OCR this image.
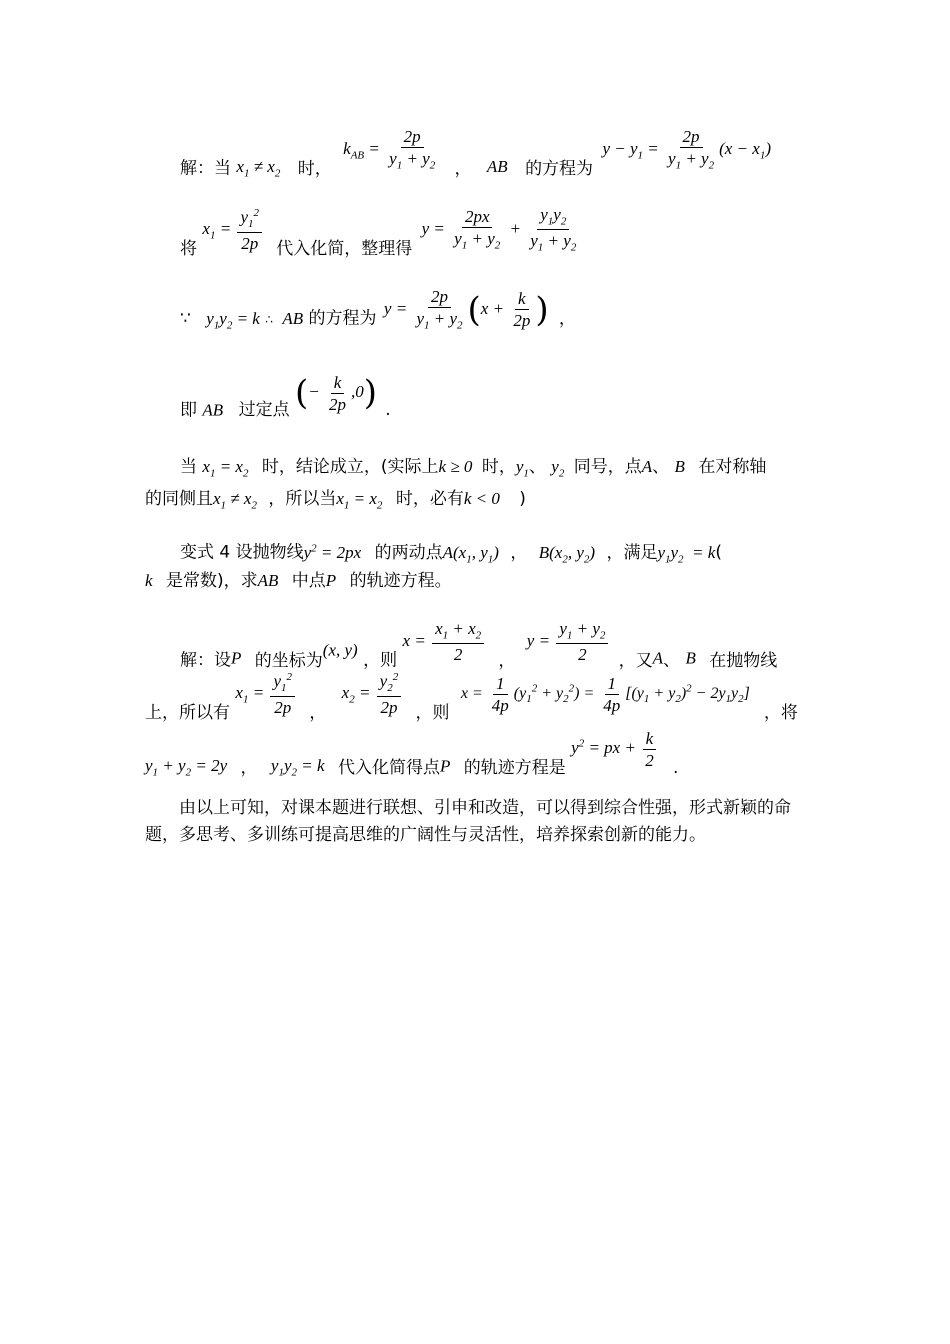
解：当 $x_1 \ne x_2$ 时， $k_{AB} = \frac{2p}{y_1 + y_2}$ ， AB 的方程为 $y - y_1 = \frac{2p}{y_1 + y_2} (x - x_1)$
将 $x_1 = \frac{y_1^2}{2p}$ 代入化简，整理得 $y = \frac{2px}{y_1 + y_2} + \frac{y_1y_2}{y_1 + y_2}$
∵ $y_1y_2 = k$ $_\therefore$ AB 的方程为 $y = \frac{2p}{y_1 + y_2} (x + \frac{k}{2p}$ ) ，
即 AB 过定点 (− $\frac{k}{2p} ,0$) .
当 $x_1 = x_2$ 时，结论成立，(实际上k ≥ 0 时，$y_1$、 $y_2$ 同号，点A、 B 在对称轴
的同侧且$x_1 \ne x_2$ ，所以当$x_1 = x_2$ 时，必有k < 0 )
变式 4 设抛物线$y^2 = 2px$ 的两动点$A(x_1$, $y_1$) ， $B(x_2$, $y_2$) ，满足$y_1y_2 = k$(
k 是常数)，求AB 中点P 的轨迹方程。
解：设P 的坐标为(x, y) ，则 $x = \frac{x_1 + x_2}{2}$ ， $y = \frac{y_1 + y_2}{2}$ ，又A、 B 在抛物线
上，所以有 $x_1 = \frac{y_1^2}{2p}$ ， $x_2 = \frac{y_2^2}{2p}$ ，则 $x = \frac{1}{4p} (y_1^2 + y_2^2) = \frac{1}{4p} [(y_1 + y_2)^2 - 2y_1y_2]$ ，将
$y_1 + y_2 = 2y$ ， $y_1y_2 = k$ 代入化简得点P 的轨迹方程是 $y^2$ = px + $\frac{k}{2}$ .
由以上可知，对课本题进行联想、引申和改造，可以得到综合性强，形式新颖的命题，多思考、多训练可提高思维的广阔性与灵活性，培养探索创新的能力。
